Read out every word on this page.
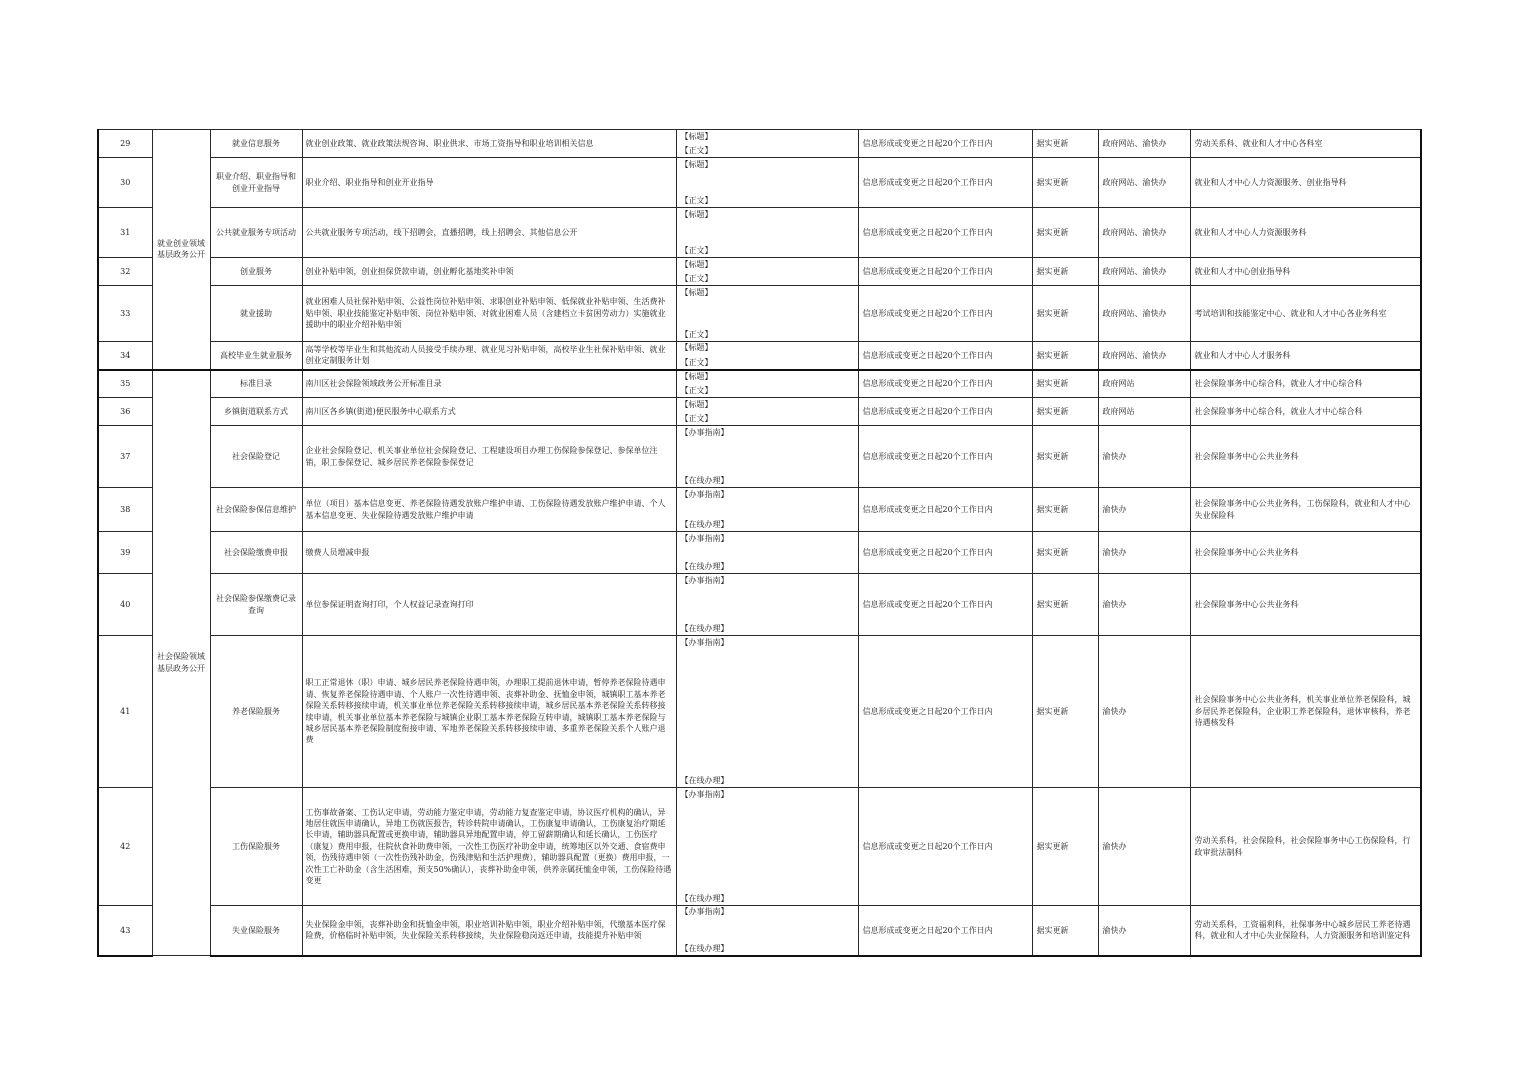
29	就业创业领域基层政务公开	就业信息服务	就业创业政策、就业政策法规咨询、职业供求、市场工资指导和职业培训相关信息	【标题】
【正文】	信息形成或变更之日起20个工作日内	据实更新	政府网站、渝快办	劳动关系科、就业和人才中心各科室
30		职业介绍、职业指导和创业开业指导	职业介绍、职业指导和创业开业指导	【标题】
【正文】	信息形成或变更之日起20个工作日内	据实更新	政府网站、渝快办	就业和人才中心人力资源服务、创业指导科
31		公共就业服务专项活动	公共就业服务专项活动，线下招聘会，直播招聘，线上招聘会、其他信息公开	【标题】
【正文】	信息形成或变更之日起20个工作日内	据实更新	政府网站、渝快办	就业和人才中心人力资源服务科
32		创业服务	创业补贴申领，创业担保贷款申请，创业孵化基地奖补申领	【标题】
【正文】	信息形成或变更之日起20个工作日内	据实更新	政府网站、渝快办	就业和人才中心创业指导科
33		就业援助	就业困难人员社保补贴申领、公益性岗位补贴申领、求职创业补贴申领、低保就业补贴申领、生活费补贴申领、职业技能鉴定补贴申领、岗位补贴申领、对就业困难人员（含建档立卡贫困劳动力）实施就业援助中的职业介绍补贴申领	【标题】
【正文】	信息形成或变更之日起20个工作日内	据实更新	政府网站、渝快办	考试培训和技能鉴定中心、就业和人才中心各业务科室
34		高校毕业生就业服务	高等学校等毕业生和其他流动人员接受手续办理、就业见习补贴申领，高校毕业生社保补贴申领、就业创业定制服务计划	【标题】
【正文】	信息形成或变更之日起20个工作日内	据实更新	政府网站、渝快办	就业和人才中心人才服务科
35	社会保险领域基层政务公开	标准目录	南川区社会保险领域政务公开标准目录	【标题】
【正文】	信息形成或变更之日起20个工作日内	据实更新	政府网站	社会保险事务中心综合科，就业人才中心综合科
36		乡镇街道联系方式	南川区各乡镇(街道)便民服务中心联系方式	【标题】
【正文】	信息形成或变更之日起20个工作日内	据实更新	政府网站	社会保险事务中心综合科，就业人才中心综合科
37		社会保险登记	企业社会保险登记、机关事业单位社会保险登记、工程建设项目办理工伤保险参保登记、参保单位注销，职工参保登记、城乡居民养老保险参保登记	【办事指南】
【在线办理】	信息形成或变更之日起20个工作日内	据实更新	渝快办	社会保险事务中心公共业务科
38		社会保险参保信息维护	单位（项目）基本信息变更、养老保险待遇发放账户维护申请、工伤保险待遇发放账户维护申请、个人基本信息变更、失业保险待遇发放账户维护申请	【办事指南】
【在线办理】	信息形成或变更之日起20个工作日内	据实更新	渝快办	社会保险事务中心公共业务科，工伤保险科，就业和人才中心失业保险科
39		社会保险缴费申报	缴费人员增减申报	【办事指南】
【在线办理】	信息形成或变更之日起20个工作日内	据实更新	渝快办	社会保险事务中心公共业务科
40		社会保险参保缴费记录查询	单位参保证明查询打印，个人权益记录查询打印	【办事指南】
【在线办理】	信息形成或变更之日起20个工作日内	据实更新	渝快办	社会保险事务中心公共业务科
41		养老保险服务	职工正常退休（职）申请、城乡居民养老保险待遇申领，办理职工提前退休申请，暂停养老保险待遇申请、恢复养老保险待遇申请、个人账户一次性待遇申领、丧葬补助金、抚恤金申领，城镇职工基本养老保险关系转移接续申请，机关事业单位养老保险关系转移接续申请，城乡居民基本养老保险关系转移接续申请，机关事业单位基本养老保险与城镇企业职工基本养老保险互转申请，城镇职工基本养老保险与城乡居民基本养老保险制度衔接申请、军地养老保险关系转移接续申请、多重养老保险关系个人账户退费	【办事指南】
【在线办理】	信息形成或变更之日起20个工作日内	据实更新	渝快办	社会保险事务中心公共业务科，机关事业单位养老保险科，城乡居民养老保险科，企业职工养老保险科，退休审核科，养老待遇核发科
42		工伤保险服务	工伤事故备案、工伤认定申请，劳动能力鉴定申请，劳动能力复查鉴定申请，协议医疗机构的确认，异地居住就医申请确认，异地工伤就医报告，转诊转院申请确认，工伤康复申请确认，工伤康复治疗期延长申请，辅助器具配置或更换申请，辅助器具异地配置申请，停工留薪期确认和延长确认，工伤医疗（康复）费用申报，住院伙食补助费申领，一次性工伤医疗补助金申请，统筹地区以外交通、食宿费申领，伤残待遇申领（一次性伤残补助金，伤残津贴和生活护理费），辅助器具配置（更换）费用申报，一次性工亡补助金（含生活困难，预支50%确认），丧葬补助金申领，供养亲属抚恤金申领，工伤保险待遇变更	【办事指南】
【在线办理】	信息形成或变更之日起20个工作日内	据实更新	渝快办	劳动关系科，社会保险科，社会保险事务中心工伤保险科，行政审批法制科
43		失业保险服务	失业保险金申领，丧葬补助金和抚恤金申领，职业培训补贴申领，职业介绍补贴申领，代缴基本医疗保险费，价格临时补贴申领，失业保险关系转移接续，失业保险稳岗返还申请，技能提升补贴申领	【办事指南】
【在线办理】	信息形成或变更之日起20个工作日内	据实更新	渝快办	劳动关系科，工资福利科，社保事务中心城乡居民工养老待遇科，就业和人才中心失业保险科，人力资源服务和培训鉴定科
